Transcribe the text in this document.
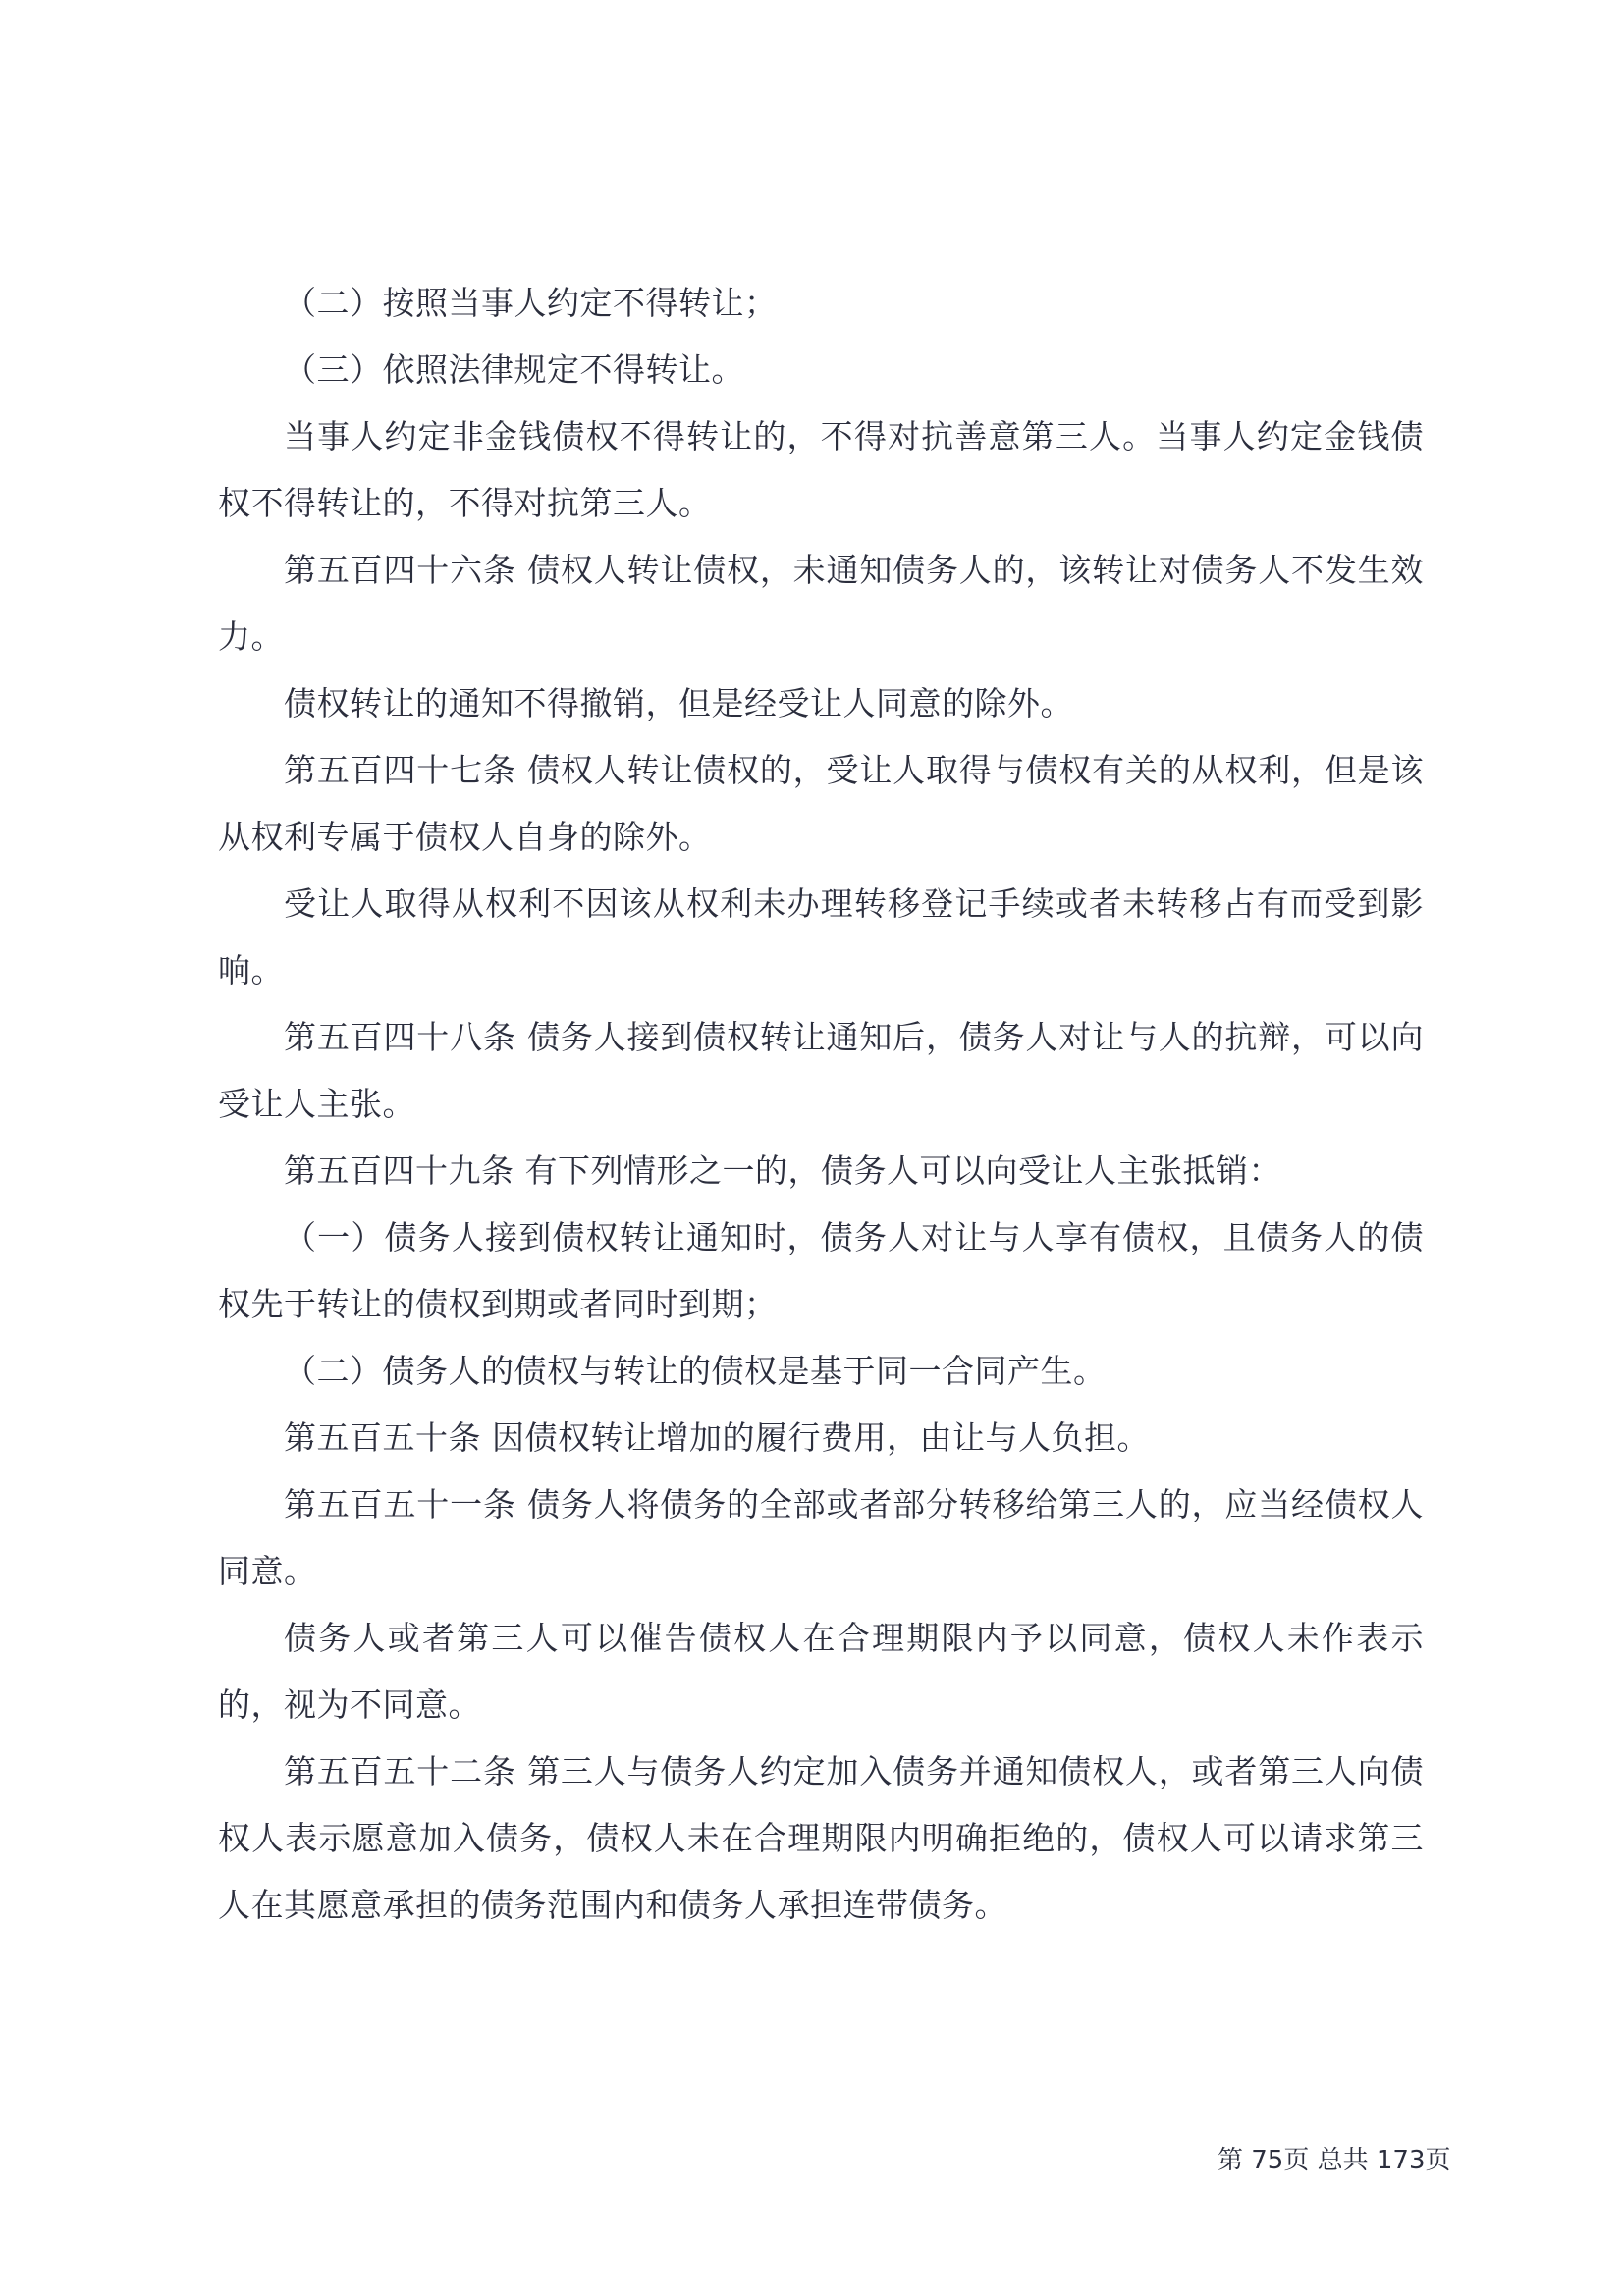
（二）按照当事人约定不得转让；

（三）依照法律规定不得转让。

当事人约定非金钱债权不得转让的，不得对抗善意第三人。当事人约定金钱债权不得转让的，不得对抗第三人。

第五百四十六条 债权人转让债权，未通知债务人的，该转让对债务人不发生效力。

债权转让的通知不得撤销，但是经受让人同意的除外。

第五百四十七条 债权人转让债权的，受让人取得与债权有关的从权利，但是该从权利专属于债权人自身的除外。

受让人取得从权利不因该从权利未办理转移登记手续或者未转移占有而受到影响。

第五百四十八条 债务人接到债权转让通知后，债务人对让与人的抗辩，可以向受让人主张。

第五百四十九条 有下列情形之一的，债务人可以向受让人主张抵销：

（一）债务人接到债权转让通知时，债务人对让与人享有债权，且债务人的债权先于转让的债权到期或者同时到期；

（二）债务人的债权与转让的债权是基于同一合同产生。

第五百五十条 因债权转让增加的履行费用，由让与人负担。

第五百五十一条 债务人将债务的全部或者部分转移给第三人的，应当经债权人同意。

债务人或者第三人可以催告债权人在合理期限内予以同意，债权人未作表示的，视为不同意。

第五百五十二条 第三人与债务人约定加入债务并通知债权人，或者第三人向债权人表示愿意加入债务，债权人未在合理期限内明确拒绝的，债权人可以请求第三人在其愿意承担的债务范围内和债务人承担连带债务。

第 75页 总共 173页
